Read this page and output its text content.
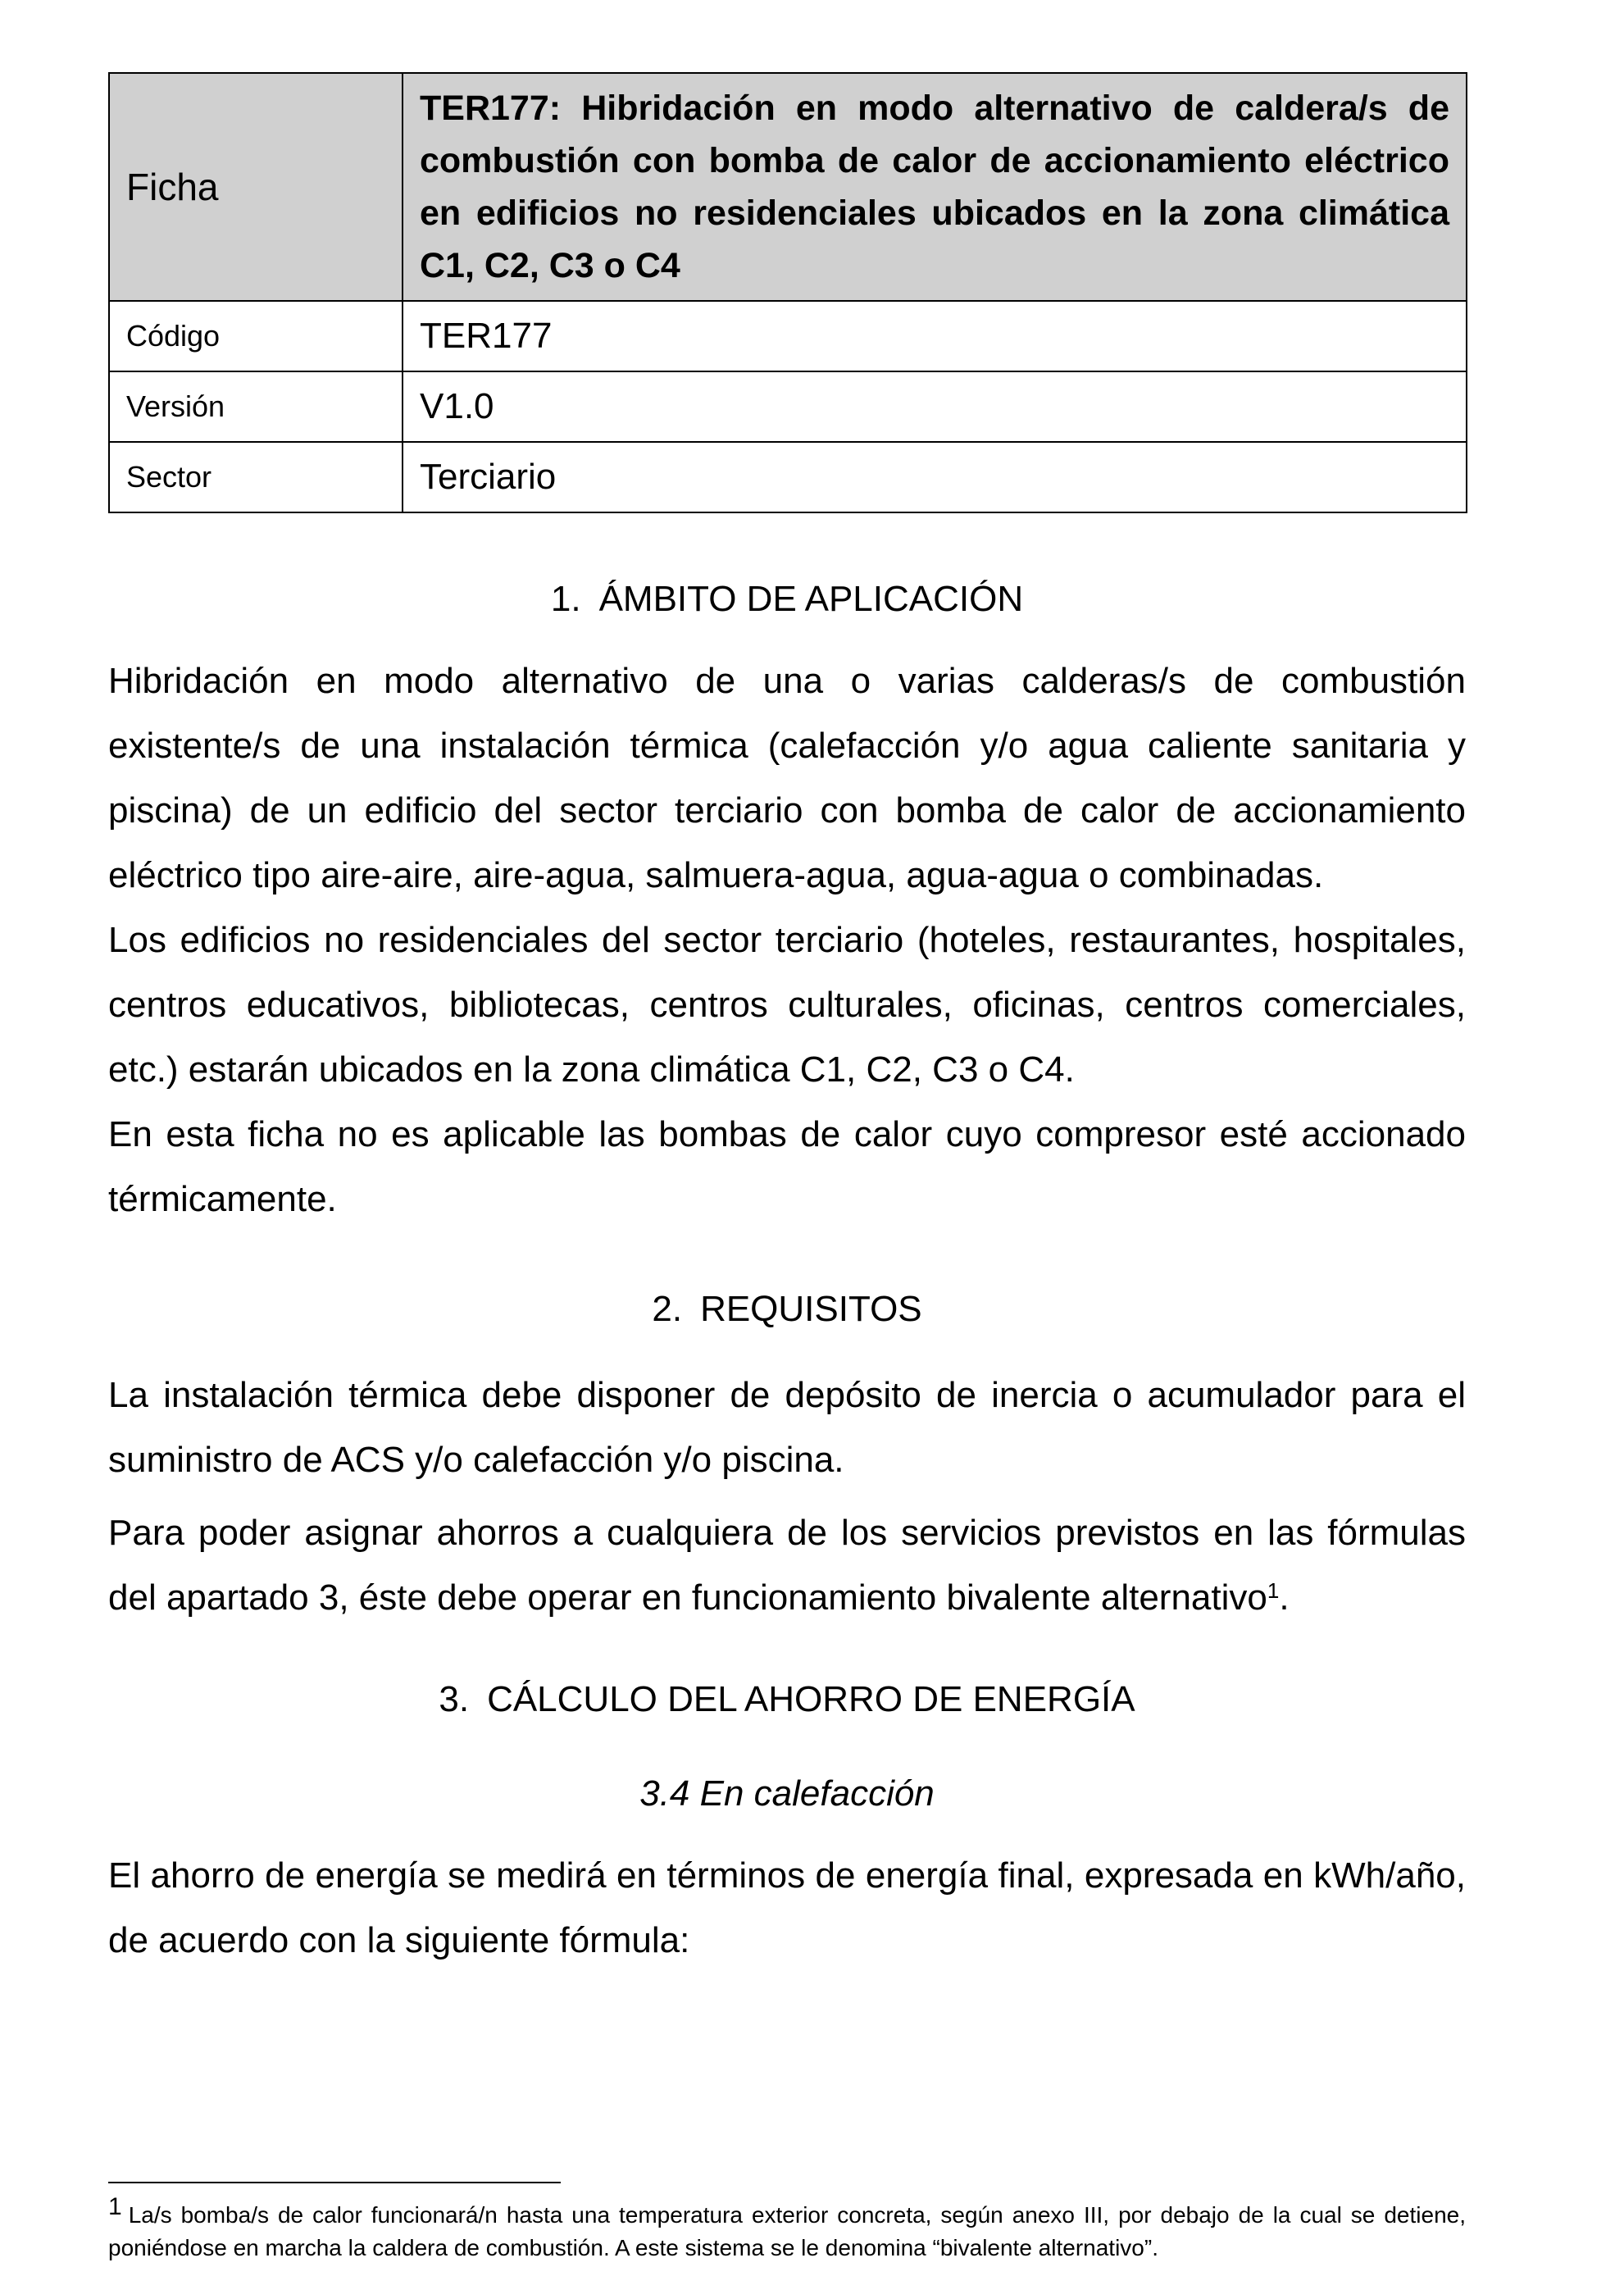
Ficha	TER177: Hibridación en modo alternativo de caldera/s de combustión con bomba de calor de accionamiento eléctrico en edificios no residenciales ubicados en la zona climática C1, C2, C3 o C4
Código	TER177
Versión	V1.0
Sector	Terciario
1. ÁMBITO DE APLICACIÓN

Hibridación en modo alternativo de una o varias calderas/s de combustión existente/s de una instalación térmica (calefacción y/o agua caliente sanitaria y piscina) de un edificio del sector terciario con bomba de calor de accionamiento eléctrico tipo aire-aire, aire-agua, salmuera-agua, agua-agua o combinadas.

Los edificios no residenciales del sector terciario (hoteles, restaurantes, hospitales, centros educativos, bibliotecas, centros culturales, oficinas, centros comerciales, etc.) estarán ubicados en la zona climática C1, C2, C3 o C4.

En esta ficha no es aplicable las bombas de calor cuyo compresor esté accionado térmicamente.

2. REQUISITOS

La instalación térmica debe disponer de depósito de inercia o acumulador para el suministro de ACS y/o calefacción y/o piscina.

Para poder asignar ahorros a cualquiera de los servicios previstos en las fórmulas del apartado 3, éste debe operar en funcionamiento bivalente alternativo$^1$.

3. CÁLCULO DEL AHORRO DE ENERGÍA
3.4 En calefacción

El ahorro de energía se medirá en términos de energía final, expresada en kWh/año, de acuerdo con la siguiente fórmula:

$^1$ La/s bomba/s de calor funcionará/n hasta una temperatura exterior concreta, según anexo III, por debajo de la cual se detiene, poniéndose en marcha la caldera de combustión. A este sistema se le denomina “bivalente alternativo”.
